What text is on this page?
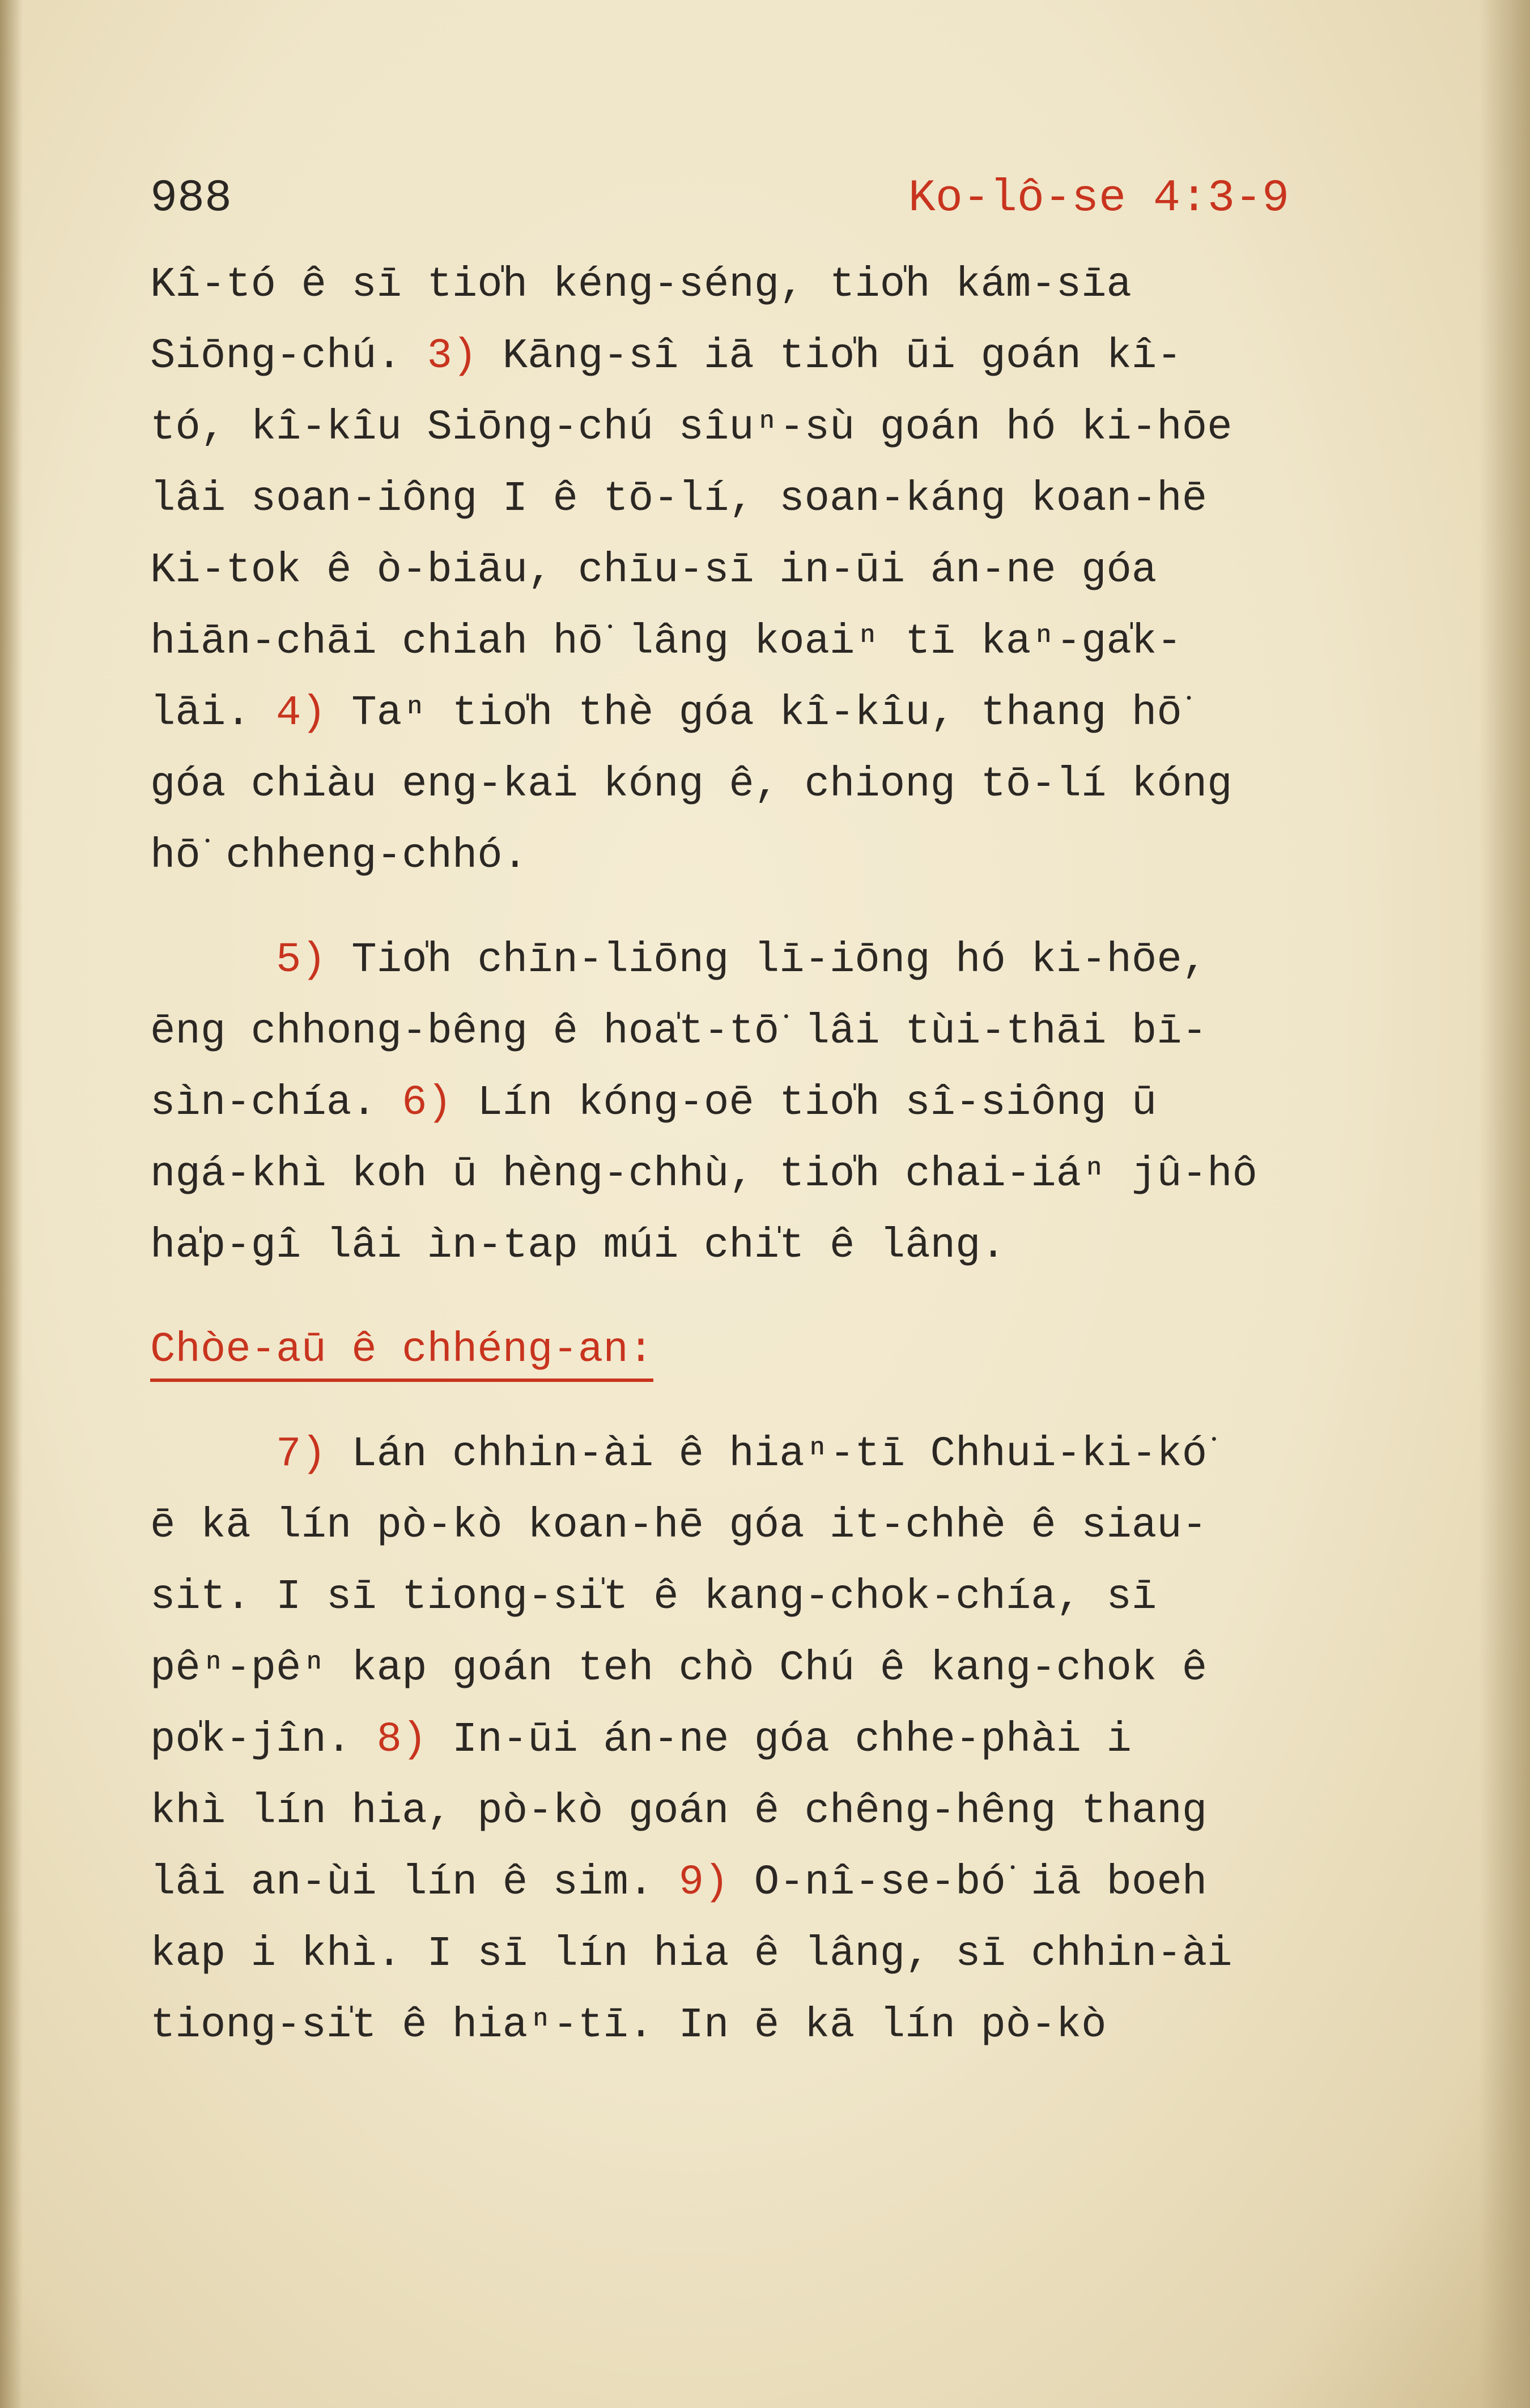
988	Ko-lô-se 4:3-9
Kî-tó ê sī tio̍h kéng-séng, tio̍h kám-sīa
Siōng-chú. 3) Kāng-sî iā tio̍h ūi goán kî-
tó, kî-kîu Siōng-chú sîuⁿ-sù goán hó ki-hōe
lâi soan-iông I ê tō-lí, soan-káng koan-hē
Ki-tok ê ò-biāu, chīu-sī in-ūi án-ne góa
hiān-chāi chiah hō͘ lâng koaiⁿ tī kaⁿ-ga̍k-
lāi. 4) Taⁿ tio̍h thè góa kî-kîu, thang hō͘
góa chiàu eng-kai kóng ê, chiong tō-lí kóng
hō͘ chheng-chhó.
5) Tio̍h chīn-liōng lī-iōng hó ki-hōe,
ēng chhong-bêng ê hoa̍t-tō͘ lâi tùi-thāi bī-
sìn-chía. 6) Lín kóng-oē tio̍h sî-siông ū
ngá-khì koh ū hèng-chhù, tio̍h chai-iáⁿ jû-hô
ha̍p-gî lâi ìn-tap múi chi̍t ê lâng.
Chòe-aū ê chhéng-an:
7) Lán chhin-ài ê hiaⁿ-tī Chhui-ki-kó͘
ē kā lín pò-kò koan-hē góa it-chhè ê siau-
sit. I sī tiong-si̍t ê kang-chok-chía, sī
pêⁿ-pêⁿ kap goán teh chò Chú ê kang-chok ê
po̍k-jîn. 8) In-ūi án-ne góa chhe-phài i
khì lín hia, pò-kò goán ê chêng-hêng thang
lâi an-ùi lín ê sim. 9) O-nî-se-bó͘ iā boeh
kap i khì. I sī lín hia ê lâng, sī chhin-ài
tiong-si̍t ê hiaⁿ-tī. In ē kā lín pò-kò
